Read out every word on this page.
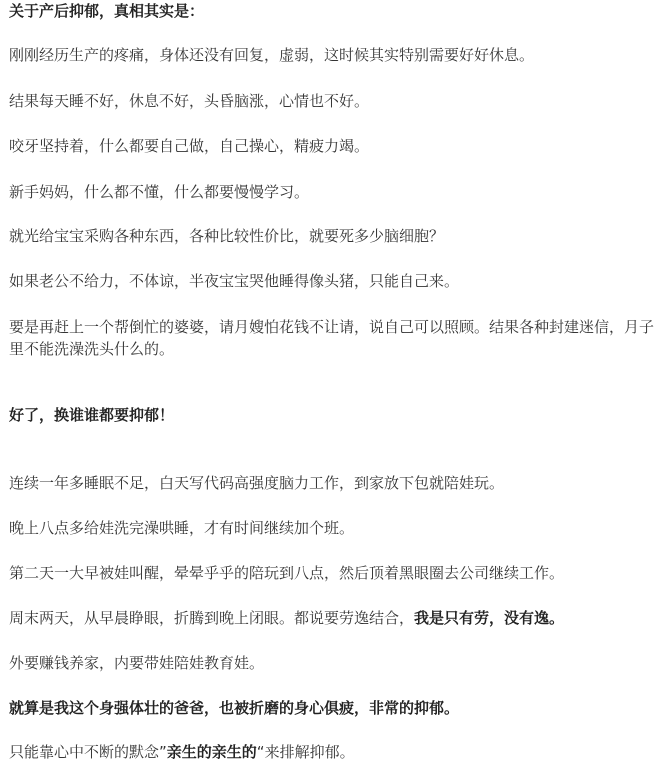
关于产后抑郁，真相其实是：

刚刚经历生产的疼痛，身体还没有回复，虚弱，这时候其实特别需要好好休息。

结果每天睡不好，休息不好，头昏脑涨，心情也不好。

咬牙坚持着，什么都要自己做，自己操心，精疲力竭。

新手妈妈，什么都不懂，什么都要慢慢学习。

就光给宝宝采购各种东西，各种比较性价比，就要死多少脑细胞？

如果老公不给力，不体谅，半夜宝宝哭他睡得像头猪，只能自己来。

要是再赶上一个帮倒忙的婆婆，请月嫂怕花钱不让请，说自己可以照顾。结果各种封建迷信，月子里不能洗澡洗头什么的。

好了，换谁谁都要抑郁！

连续一年多睡眠不足，白天写代码高强度脑力工作，到家放下包就陪娃玩。

晚上八点多给娃洗完澡哄睡，才有时间继续加个班。

第二天一大早被娃叫醒，晕晕乎乎的陪玩到八点，然后顶着黑眼圈去公司继续工作。

周末两天，从早晨睁眼，折腾到晚上闭眼。都说要劳逸结合，我是只有劳，没有逸。

外要赚钱养家，内要带娃陪娃教育娃。

就算是我这个身强体壮的爸爸，也被折磨的身心俱疲，非常的抑郁。

只能靠心中不断的默念”亲生的亲生的“来排解抑郁。
